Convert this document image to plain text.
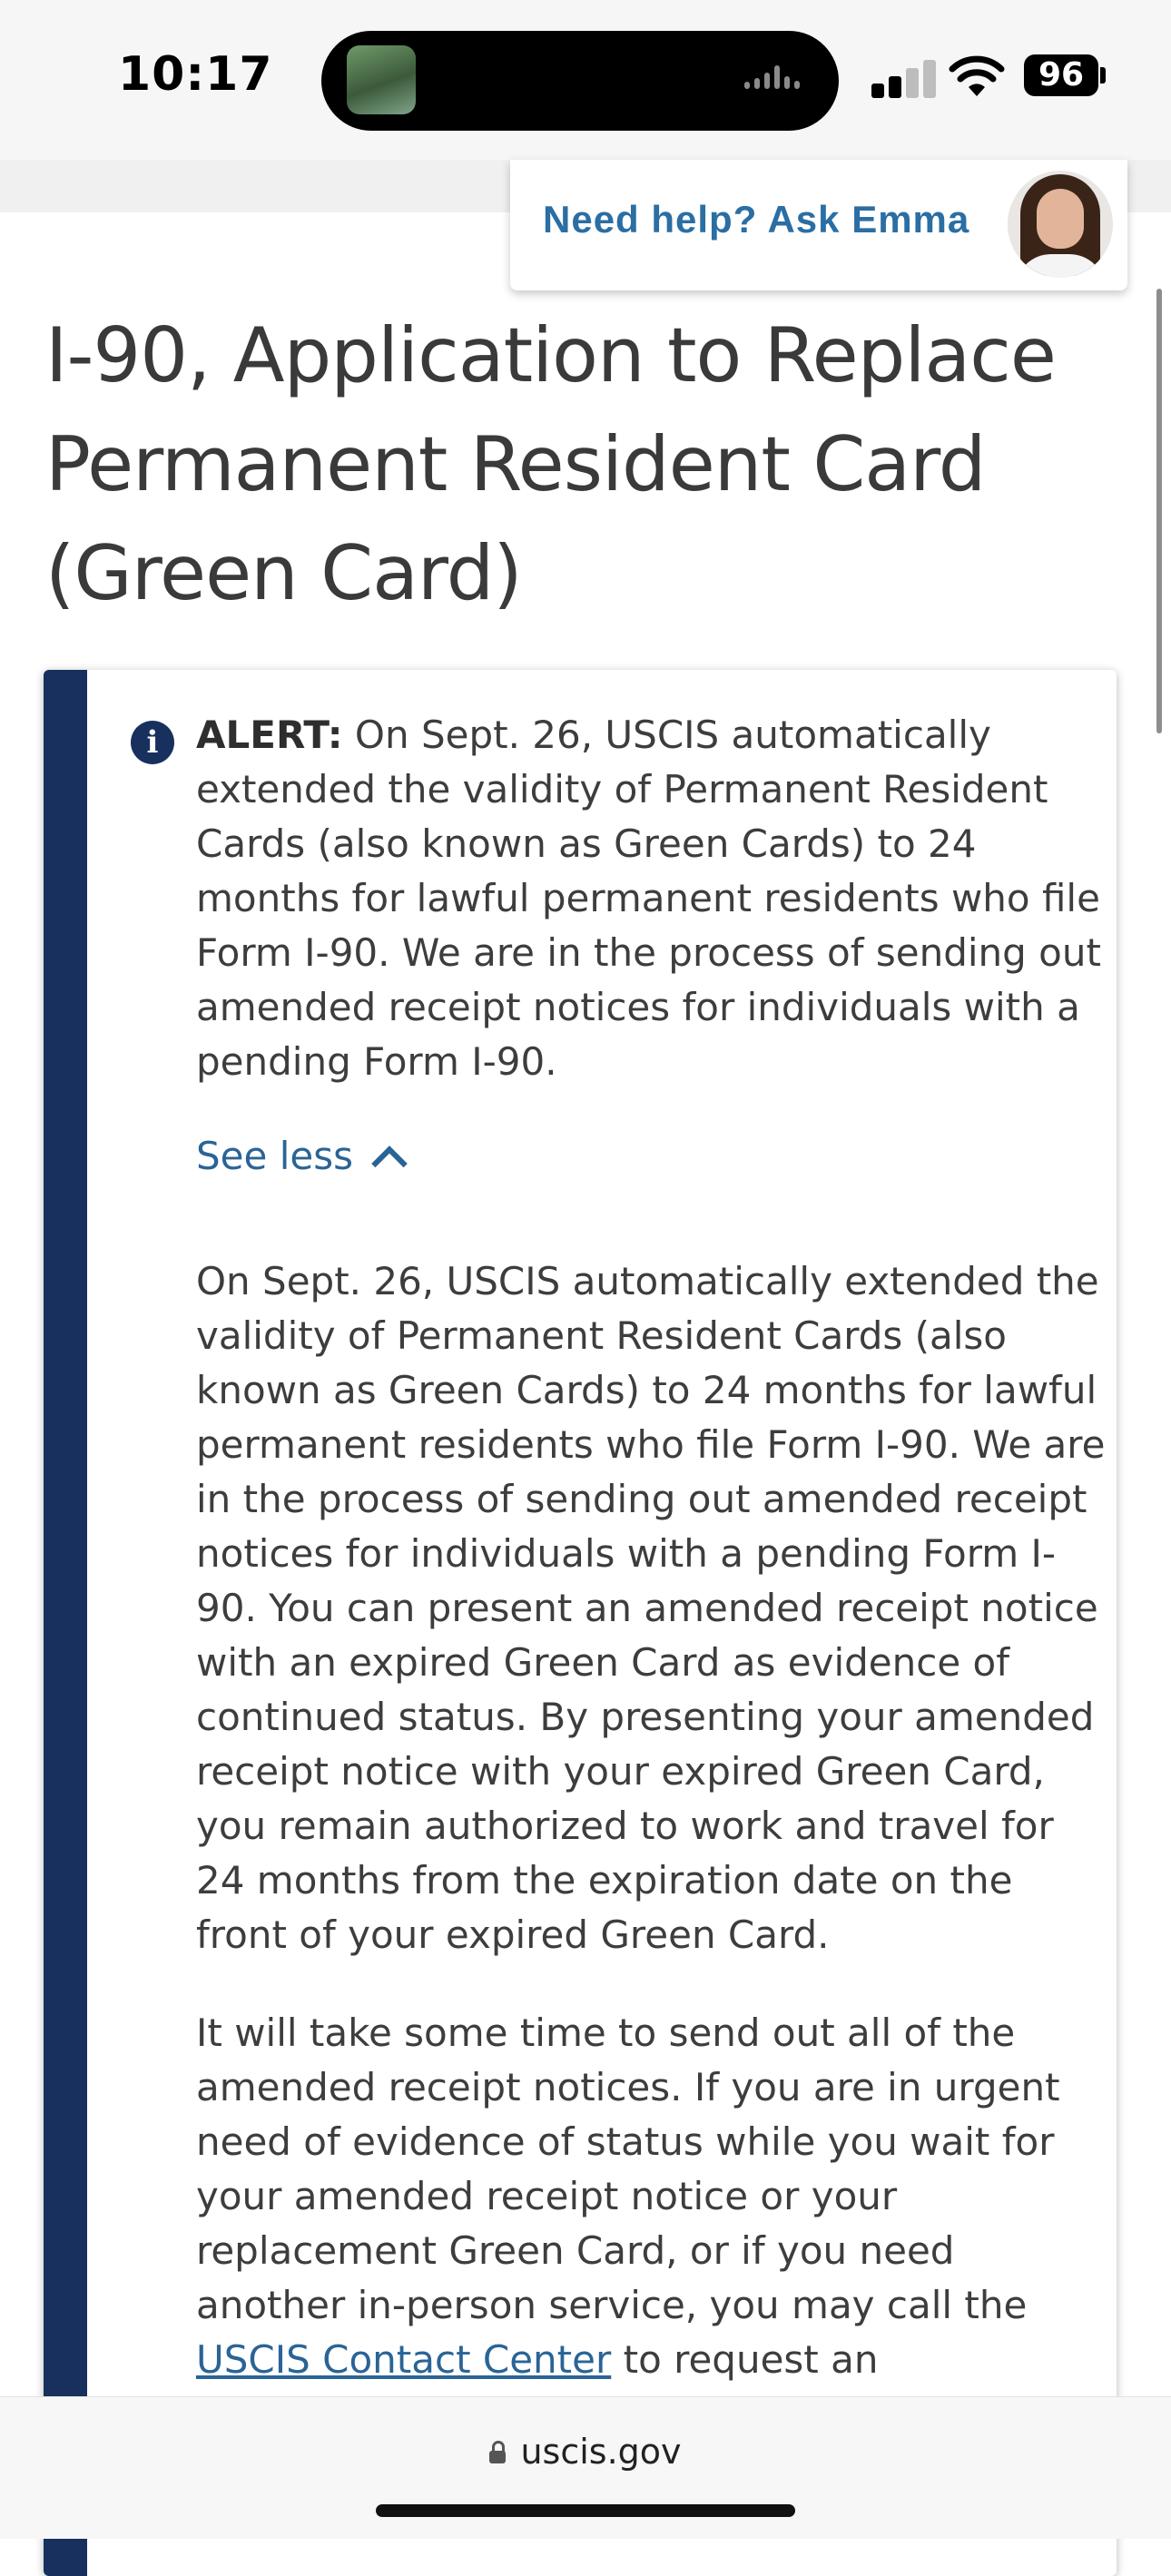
10:17	96
Need help? Ask Emma
I-90, Application to Replace Permanent Resident Card (Green Card)
i ALERT: On Sept. 26, USCIS automatically extended the validity of Permanent Resident Cards (also known as Green Cards) to 24 months for lawful permanent residents who file Form I-90. We are in the process of sending out amended receipt notices for individuals with a pending Form I-90.

See less

On Sept. 26, USCIS automatically extended the validity of Permanent Resident Cards (also known as Green Cards) to 24 months for lawful permanent residents who file Form I-90. We are in the process of sending out amended receipt notices for individuals with a pending Form I-90. You can present an amended receipt notice with an expired Green Card as evidence of continued status. By presenting your amended receipt notice with your expired Green Card, you remain authorized to work and travel for 24 months from the expiration date on the front of your expired Green Card.

It will take some time to send out all of the amended receipt notices. If you are in urgent need of evidence of status while you wait for your amended receipt notice or your replacement Green Card, or if you need another in-person service, you may call the USCIS Contact Center to request an

uscis.gov
